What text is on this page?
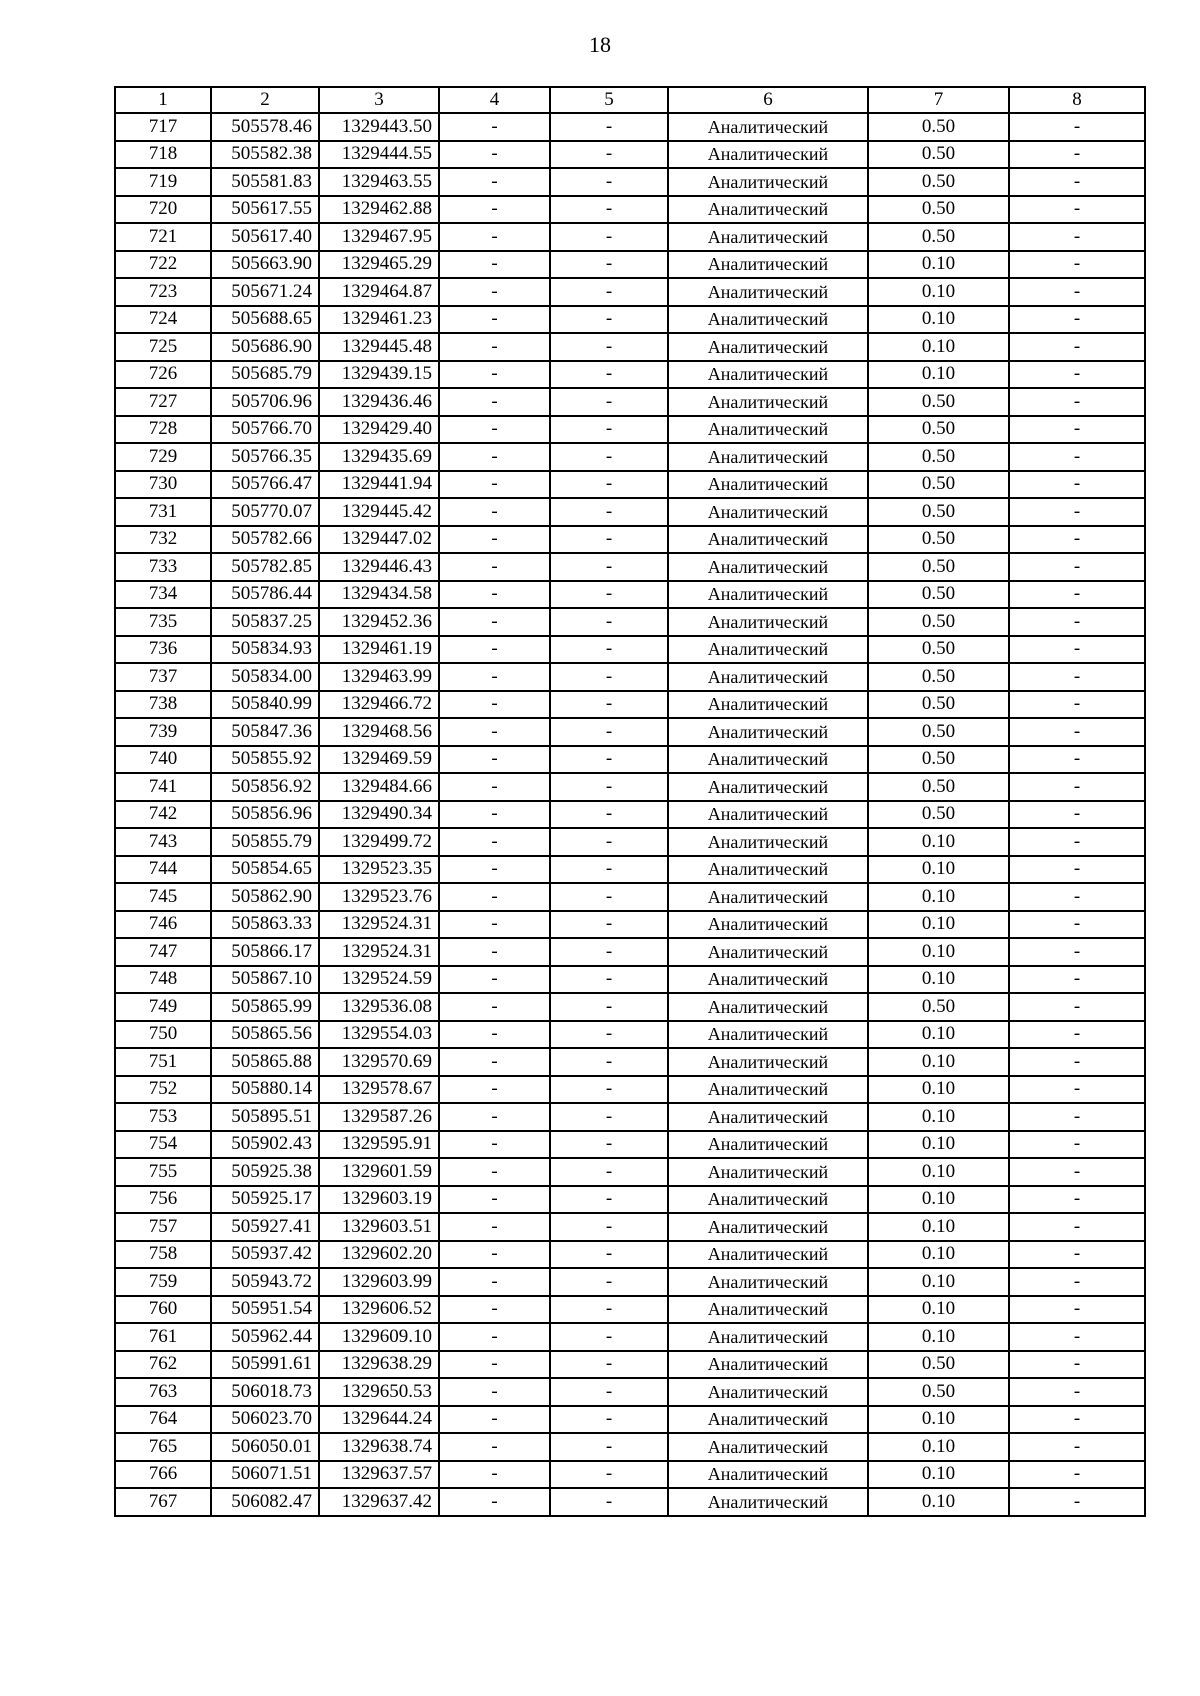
18
1	2	3	4	5	6	7	8
717	505578.46	1329443.50	-	-	Аналитический	0.50	-
718	505582.38	1329444.55	-	-	Аналитический	0.50	-
719	505581.83	1329463.55	-	-	Аналитический	0.50	-
720	505617.55	1329462.88	-	-	Аналитический	0.50	-
721	505617.40	1329467.95	-	-	Аналитический	0.50	-
722	505663.90	1329465.29	-	-	Аналитический	0.10	-
723	505671.24	1329464.87	-	-	Аналитический	0.10	-
724	505688.65	1329461.23	-	-	Аналитический	0.10	-
725	505686.90	1329445.48	-	-	Аналитический	0.10	-
726	505685.79	1329439.15	-	-	Аналитический	0.10	-
727	505706.96	1329436.46	-	-	Аналитический	0.50	-
728	505766.70	1329429.40	-	-	Аналитический	0.50	-
729	505766.35	1329435.69	-	-	Аналитический	0.50	-
730	505766.47	1329441.94	-	-	Аналитический	0.50	-
731	505770.07	1329445.42	-	-	Аналитический	0.50	-
732	505782.66	1329447.02	-	-	Аналитический	0.50	-
733	505782.85	1329446.43	-	-	Аналитический	0.50	-
734	505786.44	1329434.58	-	-	Аналитический	0.50	-
735	505837.25	1329452.36	-	-	Аналитический	0.50	-
736	505834.93	1329461.19	-	-	Аналитический	0.50	-
737	505834.00	1329463.99	-	-	Аналитический	0.50	-
738	505840.99	1329466.72	-	-	Аналитический	0.50	-
739	505847.36	1329468.56	-	-	Аналитический	0.50	-
740	505855.92	1329469.59	-	-	Аналитический	0.50	-
741	505856.92	1329484.66	-	-	Аналитический	0.50	-
742	505856.96	1329490.34	-	-	Аналитический	0.50	-
743	505855.79	1329499.72	-	-	Аналитический	0.10	-
744	505854.65	1329523.35	-	-	Аналитический	0.10	-
745	505862.90	1329523.76	-	-	Аналитический	0.10	-
746	505863.33	1329524.31	-	-	Аналитический	0.10	-
747	505866.17	1329524.31	-	-	Аналитический	0.10	-
748	505867.10	1329524.59	-	-	Аналитический	0.10	-
749	505865.99	1329536.08	-	-	Аналитический	0.50	-
750	505865.56	1329554.03	-	-	Аналитический	0.10	-
751	505865.88	1329570.69	-	-	Аналитический	0.10	-
752	505880.14	1329578.67	-	-	Аналитический	0.10	-
753	505895.51	1329587.26	-	-	Аналитический	0.10	-
754	505902.43	1329595.91	-	-	Аналитический	0.10	-
755	505925.38	1329601.59	-	-	Аналитический	0.10	-
756	505925.17	1329603.19	-	-	Аналитический	0.10	-
757	505927.41	1329603.51	-	-	Аналитический	0.10	-
758	505937.42	1329602.20	-	-	Аналитический	0.10	-
759	505943.72	1329603.99	-	-	Аналитический	0.10	-
760	505951.54	1329606.52	-	-	Аналитический	0.10	-
761	505962.44	1329609.10	-	-	Аналитический	0.10	-
762	505991.61	1329638.29	-	-	Аналитический	0.50	-
763	506018.73	1329650.53	-	-	Аналитический	0.50	-
764	506023.70	1329644.24	-	-	Аналитический	0.10	-
765	506050.01	1329638.74	-	-	Аналитический	0.10	-
766	506071.51	1329637.57	-	-	Аналитический	0.10	-
767	506082.47	1329637.42	-	-	Аналитический	0.10	-
